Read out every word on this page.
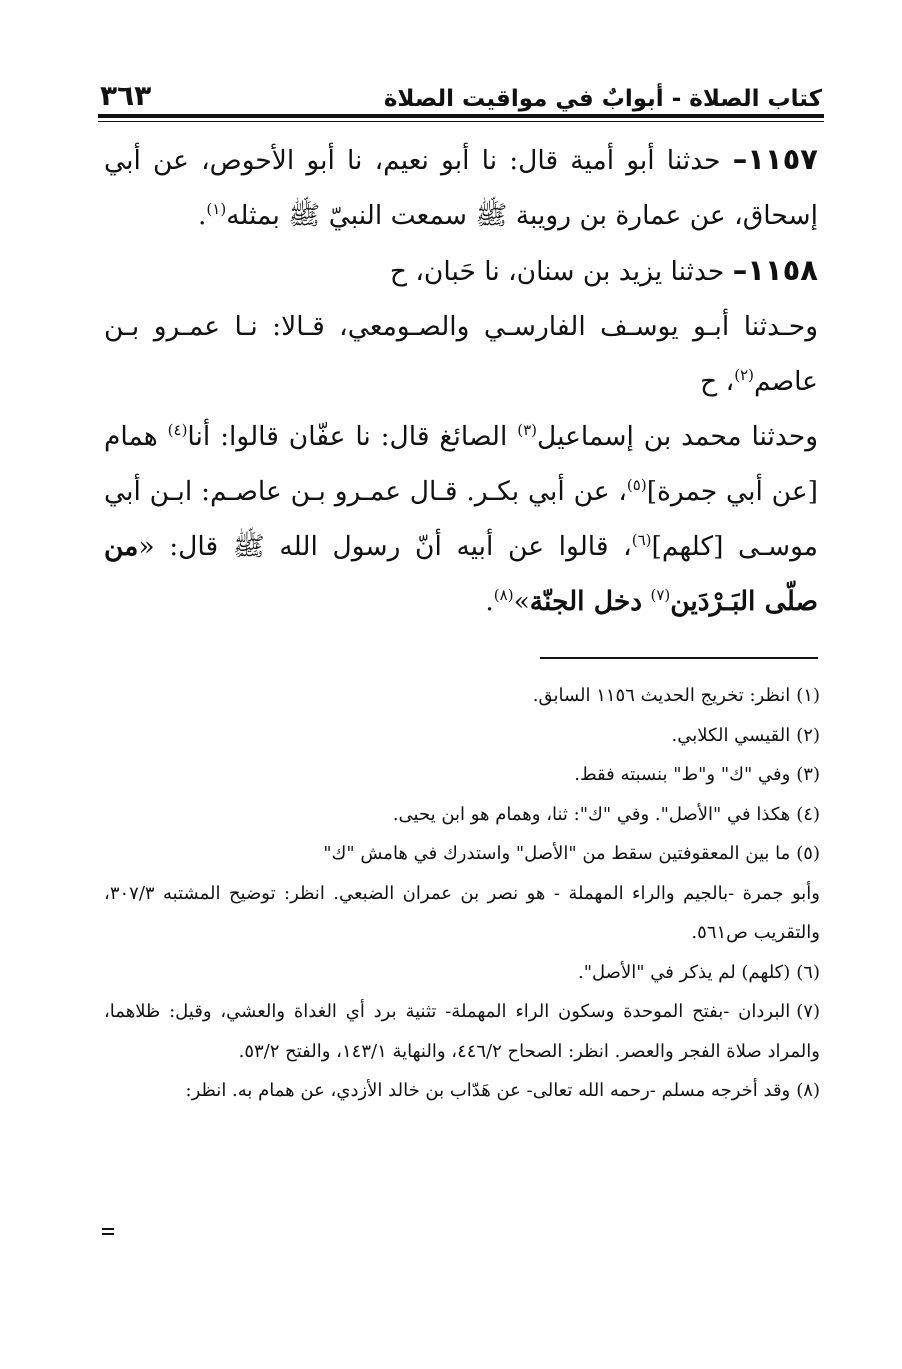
كتاب الصلاة - أبوابٌ في مواقيت الصلاة
٣٦٣

١١٥٧– حدثنا أبو أمية قال: نا أبو نعيم، نا أبو الأحوص، عن أبي إسحاق، عن عمارة بن رويبة ﷺ سمعت النبيّ ﷺ بمثله$^{(١)}$.

١١٥٨– حدثنا يزيد بن سنان، نا حَبان، ح

وحـدثنا أبـو يوسـف الفارسـي والصـومعي، قـالا: نـا عمـرو بـن عاصم$^{(٢)}$، ح

وحدثنا محمد بن إسماعيل$^{(٣)}$ الصائغ قال: نا عفّان قالوا: أنا$^{(٤)}$ همام [عن أبي جمرة]$^{(٥)}$، عن أبي بكـر. قـال عمـرو بـن عاصـم: ابـن أبي موسـى [كلهم]$^{(٦)}$، قالوا عن أبيه أنّ رسول الله ﷺ قال: «من صلّى البَـرْدَين$^{(٧)}$ دخل الجنّة»$^{(٨)}$.

(١)انظر: تخريج الحديث ١١٥٦ السابق.

(٢)القيسي الكلابي.

(٣)وفي "ك" و"ط" بنسبته فقط.

(٤)هكذا في "الأصل". وفي "ك": ثنا، وهمام هو ابن يحيى.

(٥)ما بين المعقوفتين سقط من "الأصل" واستدرك في هامش "ك"

وأبو جمرة -بالجيم والراء المهملة - هو نصر بن عمران الضبعي. انظر: توضيح المشتبه ٣٠٧/٣، والتقريب ص٥٦١.

(٦)(كلهم) لم يذكر في "الأصل".

(٧)البردان -بفتح الموحدة وسكون الراء المهملة- تثنية برد أي الغداة والعشي، وقيل: ظلاهما، والمراد صلاة الفجر والعصر. انظر: الصحاح ٤٤٦/٢، والنهاية ١٤٣/١، والفتح ٥٣/٢.

(٨)وقد أخرجه مسلم -رحمه الله تعالى- عن هَدّاب بن خالد الأزدي، عن همام به. انظر:
